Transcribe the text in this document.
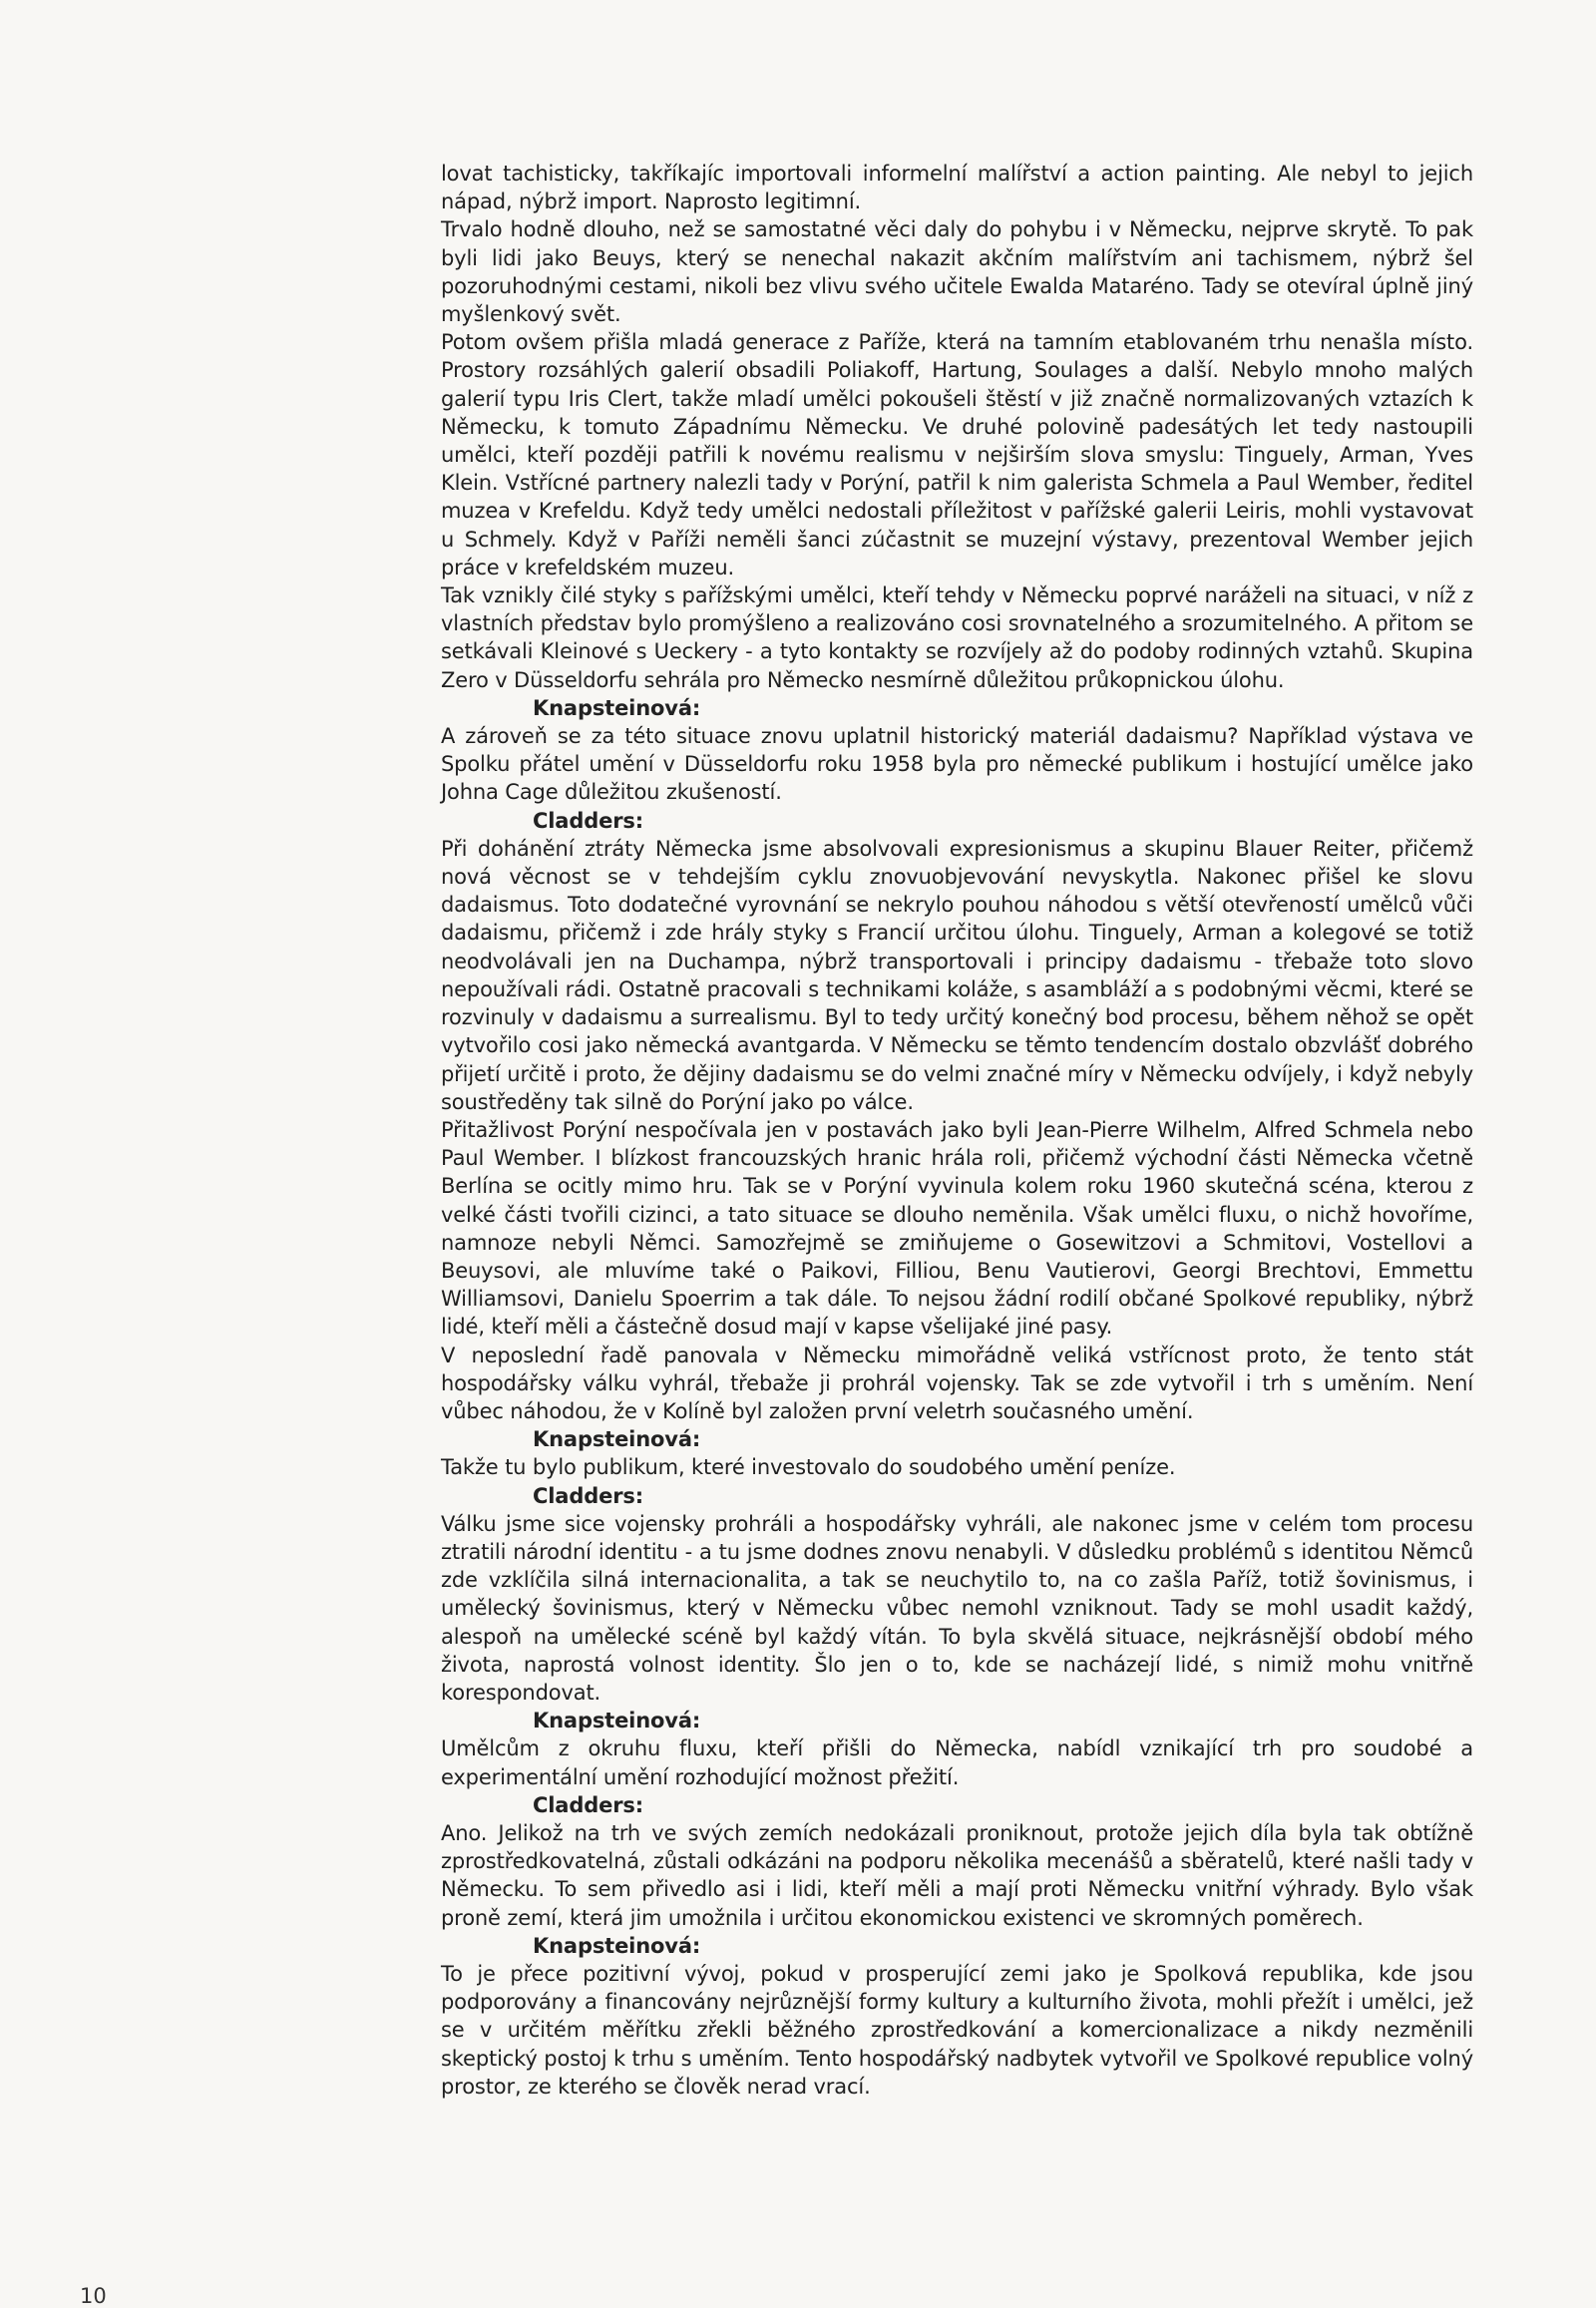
lovat tachisticky, takříkajíc importovali informelní malířství a action painting. Ale nebyl to jejich nápad, nýbrž import. Naprosto legitimní.

Trvalo hodně dlouho, než se samostatné věci daly do pohybu i v Německu, nejprve skrytě. To pak byli lidi jako Beuys, který se nenechal nakazit akčním malířstvím ani tachismem, nýbrž šel pozoruhodnými cestami, nikoli bez vlivu svého učitele Ewalda Mataréno. Tady se otevíral úplně jiný myšlenkový svět.

Potom ovšem přišla mladá generace z Paříže, která na tamním etablovaném trhu nenašla místo. Prostory rozsáhlých galerií obsadili Poliakoff, Hartung, Soulages a další. Nebylo mnoho malých galerií typu Iris Clert, takže mladí umělci pokoušeli štěstí v již značně normalizovaných vztazích k Německu, k tomuto Západnímu Německu. Ve druhé polovině padesátých let tedy nastoupili umělci, kteří později patřili k novému realismu v nejširším slova smyslu: Tinguely, Arman, Yves Klein. Vstřícné partnery nalezli tady v Porýní, patřil k nim galerista Schmela a Paul Wember, ředitel muzea v Krefeldu. Když tedy umělci nedostali příležitost v pařížské galerii Leiris, mohli vystavovat u Schmely. Když v Paříži neměli šanci zúčastnit se muzejní výstavy, prezentoval Wember jejich práce v krefeldském muzeu.

Tak vznikly čilé styky s pařížskými umělci, kteří tehdy v Německu poprvé naráželi na situaci, v níž z vlastních představ bylo promýšleno a realizováno cosi srovnatelného a srozumitelného. A přitom se setkávali Kleinové s Ueckery - a tyto kontakty se rozvíjely až do podoby rodinných vztahů. Skupina Zero v Düsseldorfu sehrála pro Německo nesmírně důležitou průkopnickou úlohu.

Knapsteinová:

A zároveň se za této situace znovu uplatnil historický materiál dadaismu? Například výstava ve Spolku přátel umění v Düsseldorfu roku 1958 byla pro německé publikum i hostující umělce jako Johna Cage důležitou zkušeností.

Cladders:

Při dohánění ztráty Německa jsme absolvovali expresionismus a skupinu Blauer Reiter, přičemž nová věcnost se v tehdejším cyklu znovuobjevování nevyskytla. Nakonec přišel ke slovu dadaismus. Toto dodatečné vyrovnání se nekrylo pouhou náhodou s větší otevřeností umělců vůči dadaismu, přičemž i zde hrály styky s Francií určitou úlohu. Tinguely, Arman a kolegové se totiž neodvolávali jen na Duchampa, nýbrž transportovali i principy dadaismu - třebaže toto slovo nepoužívali rádi. Ostatně pracovali s technikami koláže, s asambláží a s podobnými věcmi, které se rozvinuly v dadaismu a surrealismu. Byl to tedy určitý konečný bod procesu, během něhož se opět vytvořilo cosi jako německá avantgarda. V Německu se těmto tendencím dostalo obzvlášť dobrého přijetí určitě i proto, že dějiny dadaismu se do velmi značné míry v Německu odvíjely, i když nebyly soustředěny tak silně do Porýní jako po válce.

Přitažlivost Porýní nespočívala jen v postavách jako byli Jean-Pierre Wilhelm, Alfred Schmela nebo Paul Wember. I blízkost francouzských hranic hrála roli, přičemž východní části Německa včetně Berlína se ocitly mimo hru. Tak se v Porýní vyvinula kolem roku 1960 skutečná scéna, kterou z velké části tvořili cizinci, a tato situace se dlouho neměnila. Však umělci fluxu, o nichž hovoříme, namnoze nebyli Němci. Samozřejmě se zmiňujeme o Gosewitzovi a Schmitovi, Vostellovi a Beuysovi, ale mluvíme také o Paikovi, Filliou, Benu Vautierovi, Georgi Brechtovi, Emmettu Williamsovi, Danielu Spoerrim a tak dále. To nejsou žádní rodilí občané Spolkové republiky, nýbrž lidé, kteří měli a částečně dosud mají v kapse všelijaké jiné pasy.

V neposlední řadě panovala v Německu mimořádně veliká vstřícnost proto, že tento stát hospodářsky válku vyhrál, třebaže ji prohrál vojensky. Tak se zde vytvořil i trh s uměním. Není vůbec náhodou, že v Kolíně byl založen první veletrh současného umění.

Knapsteinová:

Takže tu bylo publikum, které investovalo do soudobého umění peníze.

Cladders:

Válku jsme sice vojensky prohráli a hospodářsky vyhráli, ale nakonec jsme v celém tom procesu ztratili národní identitu - a tu jsme dodnes znovu nenabyli. V důsledku problémů s identitou Němců zde vzklíčila silná internacionalita, a tak se neuchytilo to, na co zašla Paříž, totiž šovinismus, i umělecký šovinismus, který v Německu vůbec nemohl vzniknout. Tady se mohl usadit každý, alespoň na umělecké scéně byl každý vítán. To byla skvělá situace, nejkrásnější období mého života, naprostá volnost identity. Šlo jen o to, kde se nacházejí lidé, s nimiž mohu vnitřně korespondovat.

Knapsteinová:

Umělcům z okruhu fluxu, kteří přišli do Německa, nabídl vznikající trh pro soudobé a experimentální umění rozhodující možnost přežití.

Cladders:

Ano. Jelikož na trh ve svých zemích nedokázali proniknout, protože jejich díla byla tak obtížně zprostředkovatelná, zůstali odkázáni na podporu několika mecenášů a sběratelů, které našli tady v Německu. To sem přivedlo asi i lidi, kteří měli a mají proti Německu vnitřní výhrady. Bylo však proně zemí, která jim umožnila i určitou ekonomickou existenci ve skromných poměrech.

Knapsteinová:

To je přece pozitivní vývoj, pokud v prosperující zemi jako je Spolková republika, kde jsou podporovány a financovány nejrůznější formy kultury a kulturního života, mohli přežít i umělci, jež se v určitém měřítku zřekli běžného zprostředkování a komercionalizace a nikdy nezměnili skeptický postoj k trhu s uměním. Tento hospodářský nadbytek vytvořil ve Spolkové republice volný prostor, ze kterého se člověk nerad vrací.

10
